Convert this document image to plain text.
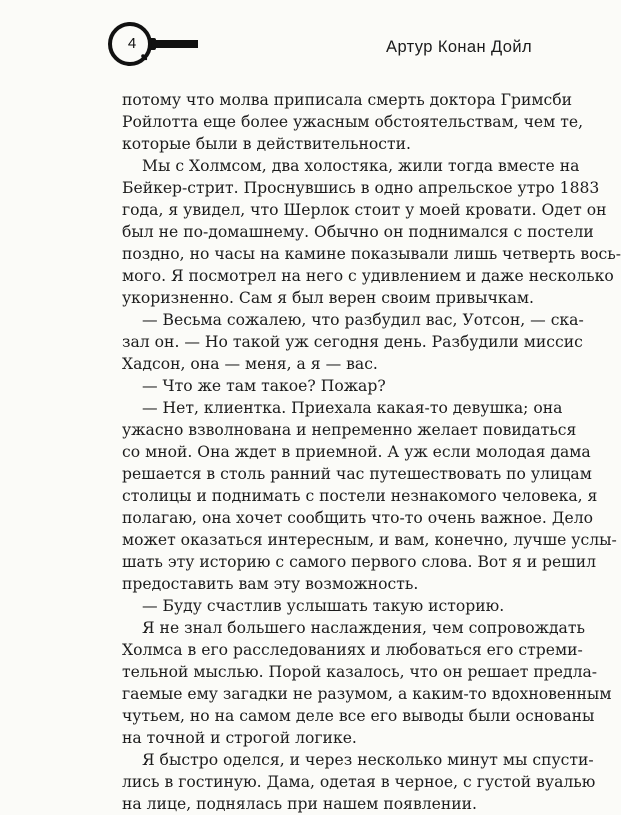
4	Артур Конан Дойл
потому что молва приписала смерть доктора Гримсби
Ройлотта еще более ужасным обстоятельствам, чем те,
которые были в действительности.
Мы с Холмсом, два холостяка, жили тогда вместе на
Бейкер-стрит. Проснувшись в одно апрельское утро 1883
года, я увидел, что Шерлок стоит у моей кровати. Одет он
был не по-домашнему. Обычно он поднимался с постели
поздно, но часы на камине показывали лишь четверть вось-
мого. Я посмотрел на него с удивлением и даже несколько
укоризненно. Сам я был верен своим привычкам.
— Весьма сожалею, что разбудил вас, Уотсон, — ска-
зал он. — Но такой уж сегодня день. Разбудили миссис
Хадсон, она — меня, а я — вас.
— Что же там такое? Пожар?
— Нет, клиентка. Приехала какая-то девушка; она
ужасно взволнована и непременно желает повидаться
со мной. Она ждет в приемной. А уж если молодая дама
решается в столь ранний час путешествовать по улицам
столицы и поднимать с постели незнакомого человека, я
полагаю, она хочет сообщить что-то очень важное. Дело
может оказаться интересным, и вам, конечно, лучше услы-
шать эту историю с самого первого слова. Вот я и решил
предоставить вам эту возможность.
— Буду счастлив услышать такую историю.
Я не знал большего наслаждения, чем сопровождать
Холмса в его расследованиях и любоваться его стреми-
тельной мыслью. Порой казалось, что он решает предла-
гаемые ему загадки не разумом, а каким-то вдохновенным
чутьем, но на самом деле все его выводы были основаны
на точной и строгой логике.
Я быстро оделся, и через несколько минут мы спусти-
лись в гостиную. Дама, одетая в черное, с густой вуалью
на лице, поднялась при нашем появлении.
